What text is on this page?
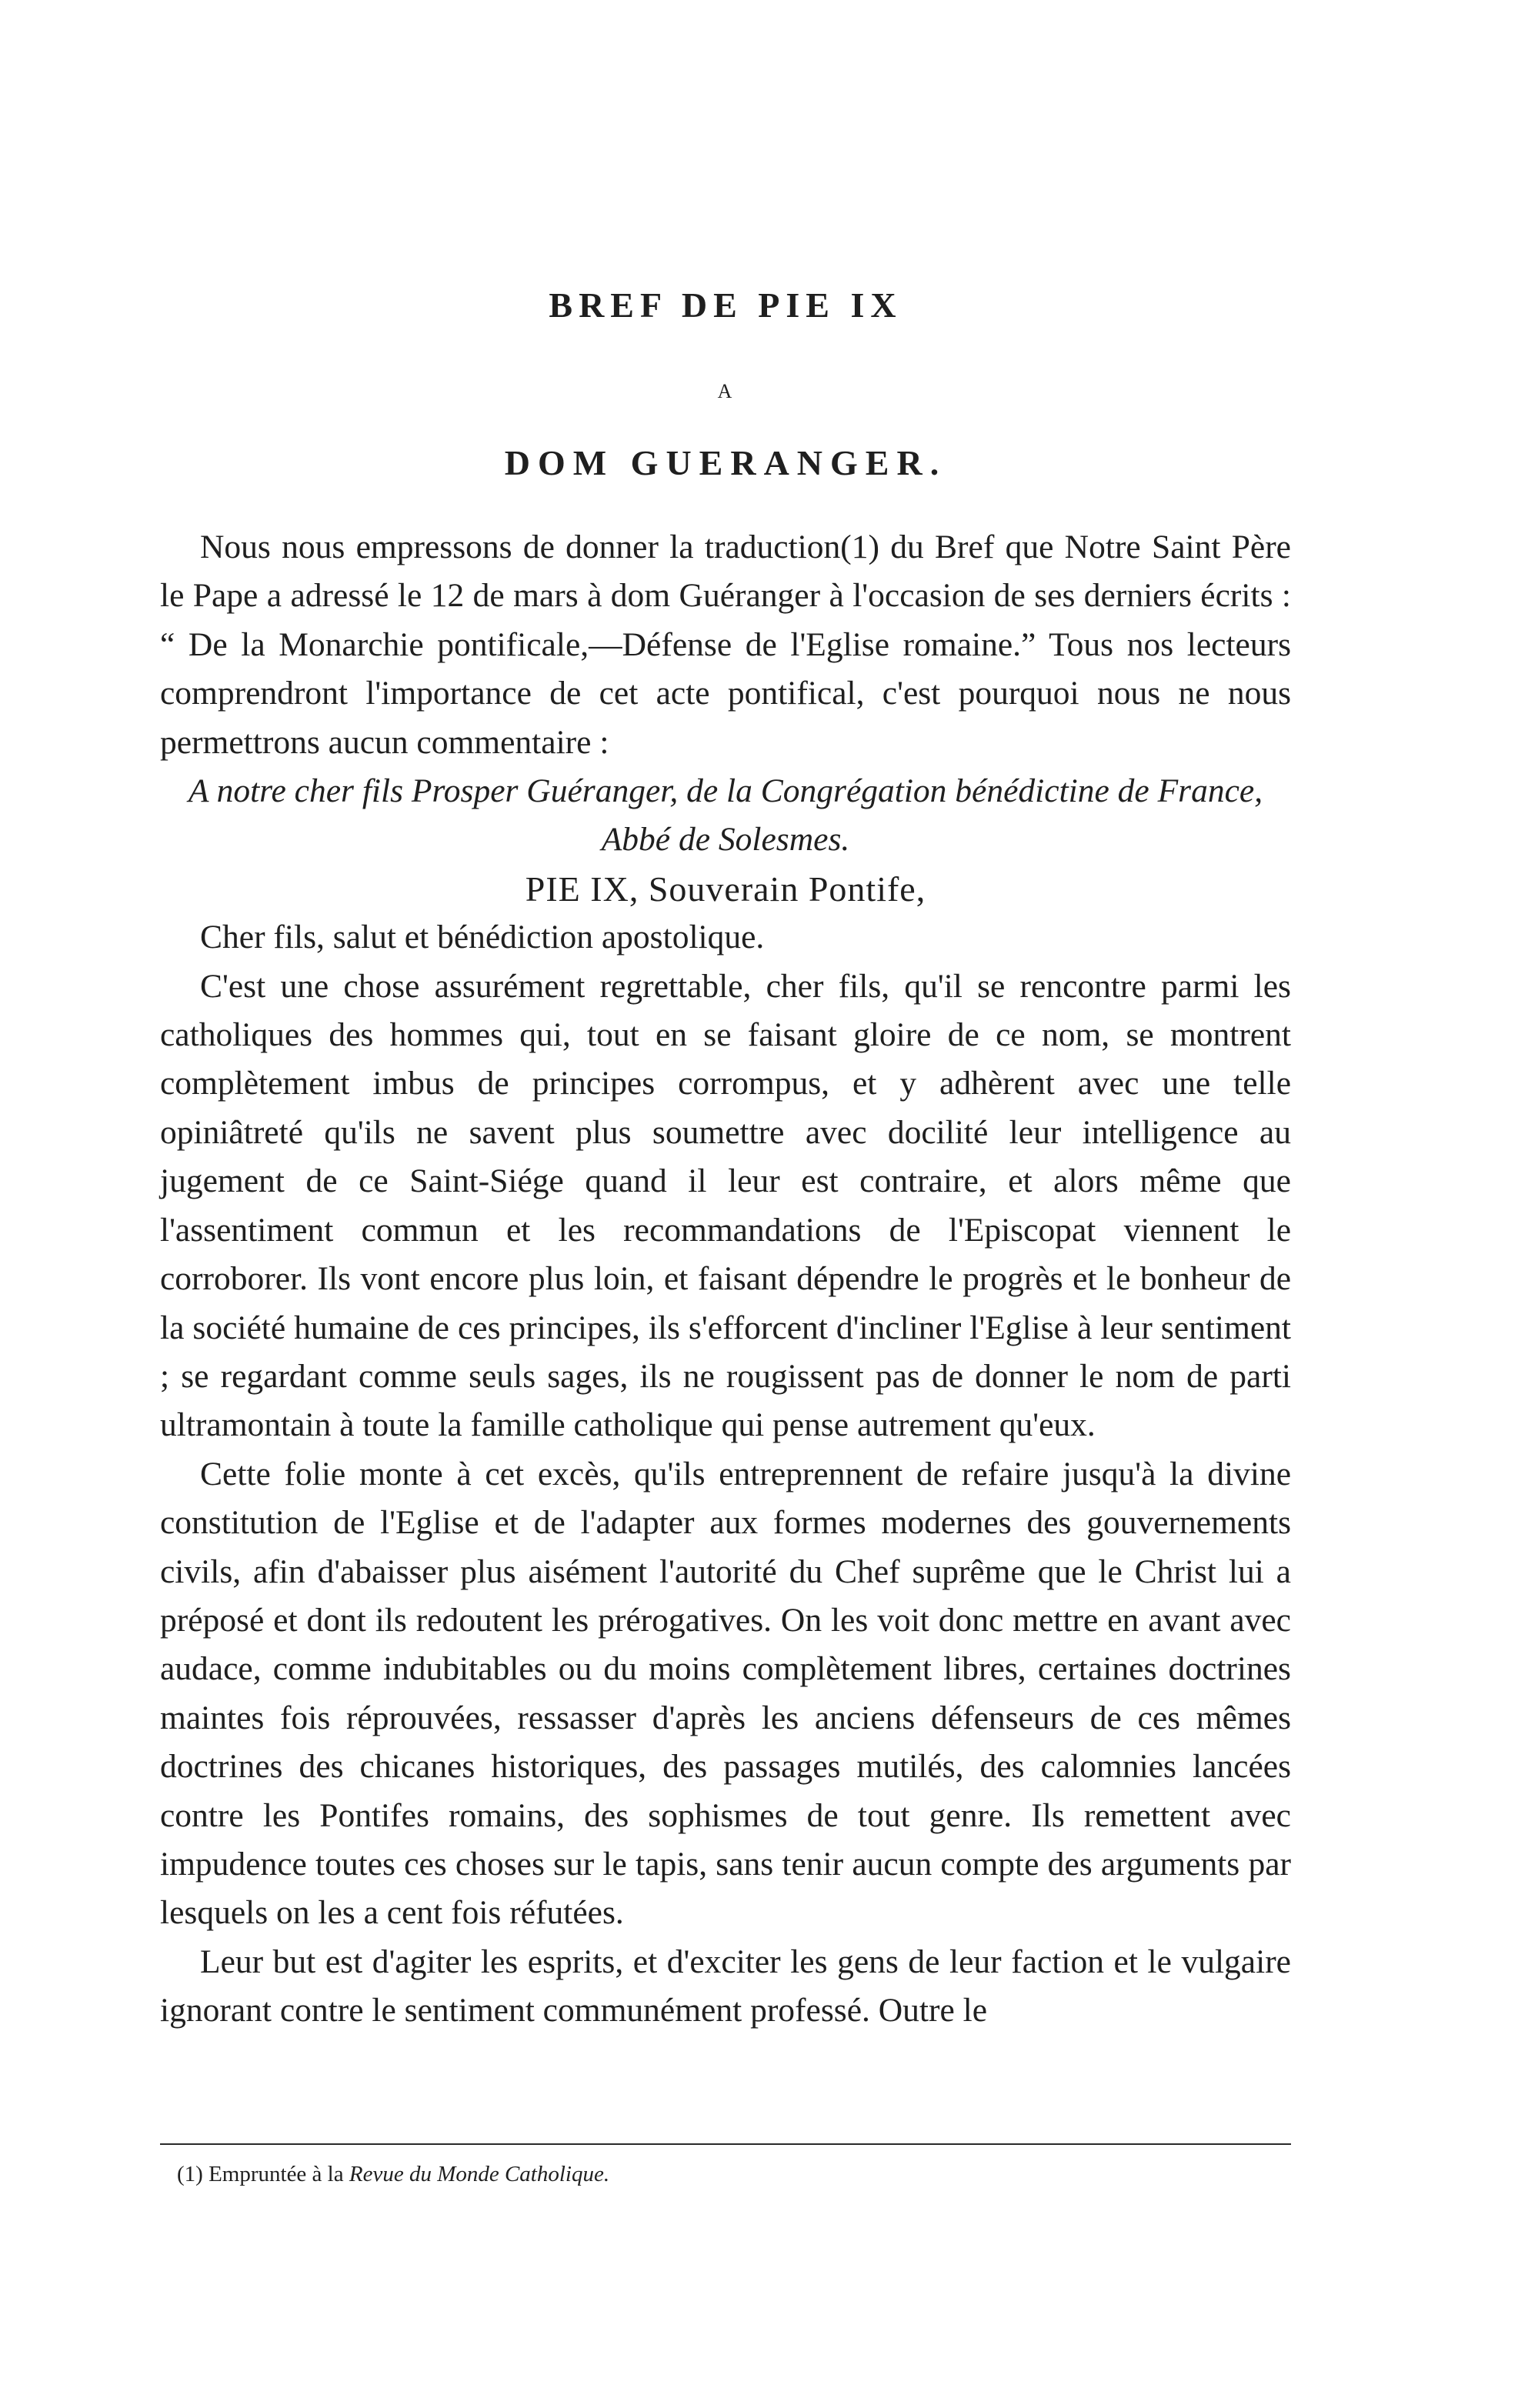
BREF DE PIE IX
A
DOM GUERANGER.

Nous nous empressons de donner la traduction(1) du Bref que Notre Saint Père le Pape a adressé le 12 de mars à dom Guéranger à l'occasion de ses derniers écrits : “ De la Monarchie pontificale,—Défense de l'Eglise romaine.” Tous nos lecteurs comprendront l'importance de cet acte pontifical, c'est pourquoi nous ne nous permettrons aucun commentaire :

A notre cher fils Prosper Guéranger, de la Congrégation bénédictine de France, Abbé de Solesmes.

PIE IX, Souverain Pontife,

Cher fils, salut et bénédiction apostolique.

C'est une chose assurément regrettable, cher fils, qu'il se rencontre parmi les catholiques des hommes qui, tout en se faisant gloire de ce nom, se montrent complètement imbus de principes corrompus, et y adhèrent avec une telle opiniâtreté qu'ils ne savent plus soumettre avec docilité leur intelligence au jugement de ce Saint-Siége quand il leur est contraire, et alors même que l'assentiment commun et les recommandations de l'Episcopat viennent le corroborer. Ils vont encore plus loin, et faisant dépendre le progrès et le bonheur de la société humaine de ces principes, ils s'efforcent d'incliner l'Eglise à leur sentiment ; se regardant comme seuls sages, ils ne rougissent pas de donner le nom de parti ultramontain à toute la famille catholique qui pense autrement qu'eux.

Cette folie monte à cet excès, qu'ils entreprennent de refaire jusqu'à la divine constitution de l'Eglise et de l'adapter aux formes modernes des gouvernements civils, afin d'abaisser plus aisément l'autorité du Chef suprême que le Christ lui a préposé et dont ils redoutent les prérogatives. On les voit donc mettre en avant avec audace, comme indubitables ou du moins complètement libres, certaines doctrines maintes fois réprouvées, ressasser d'après les anciens défenseurs de ces mêmes doctrines des chicanes historiques, des passages mutilés, des calomnies lancées contre les Pontifes romains, des sophismes de tout genre. Ils remettent avec impudence toutes ces choses sur le tapis, sans tenir aucun compte des arguments par lesquels on les a cent fois réfutées.

Leur but est d'agiter les esprits, et d'exciter les gens de leur faction et le vulgaire ignorant contre le sentiment communément professé. Outre le

(1) Empruntée à la Revue du Monde Catholique.
